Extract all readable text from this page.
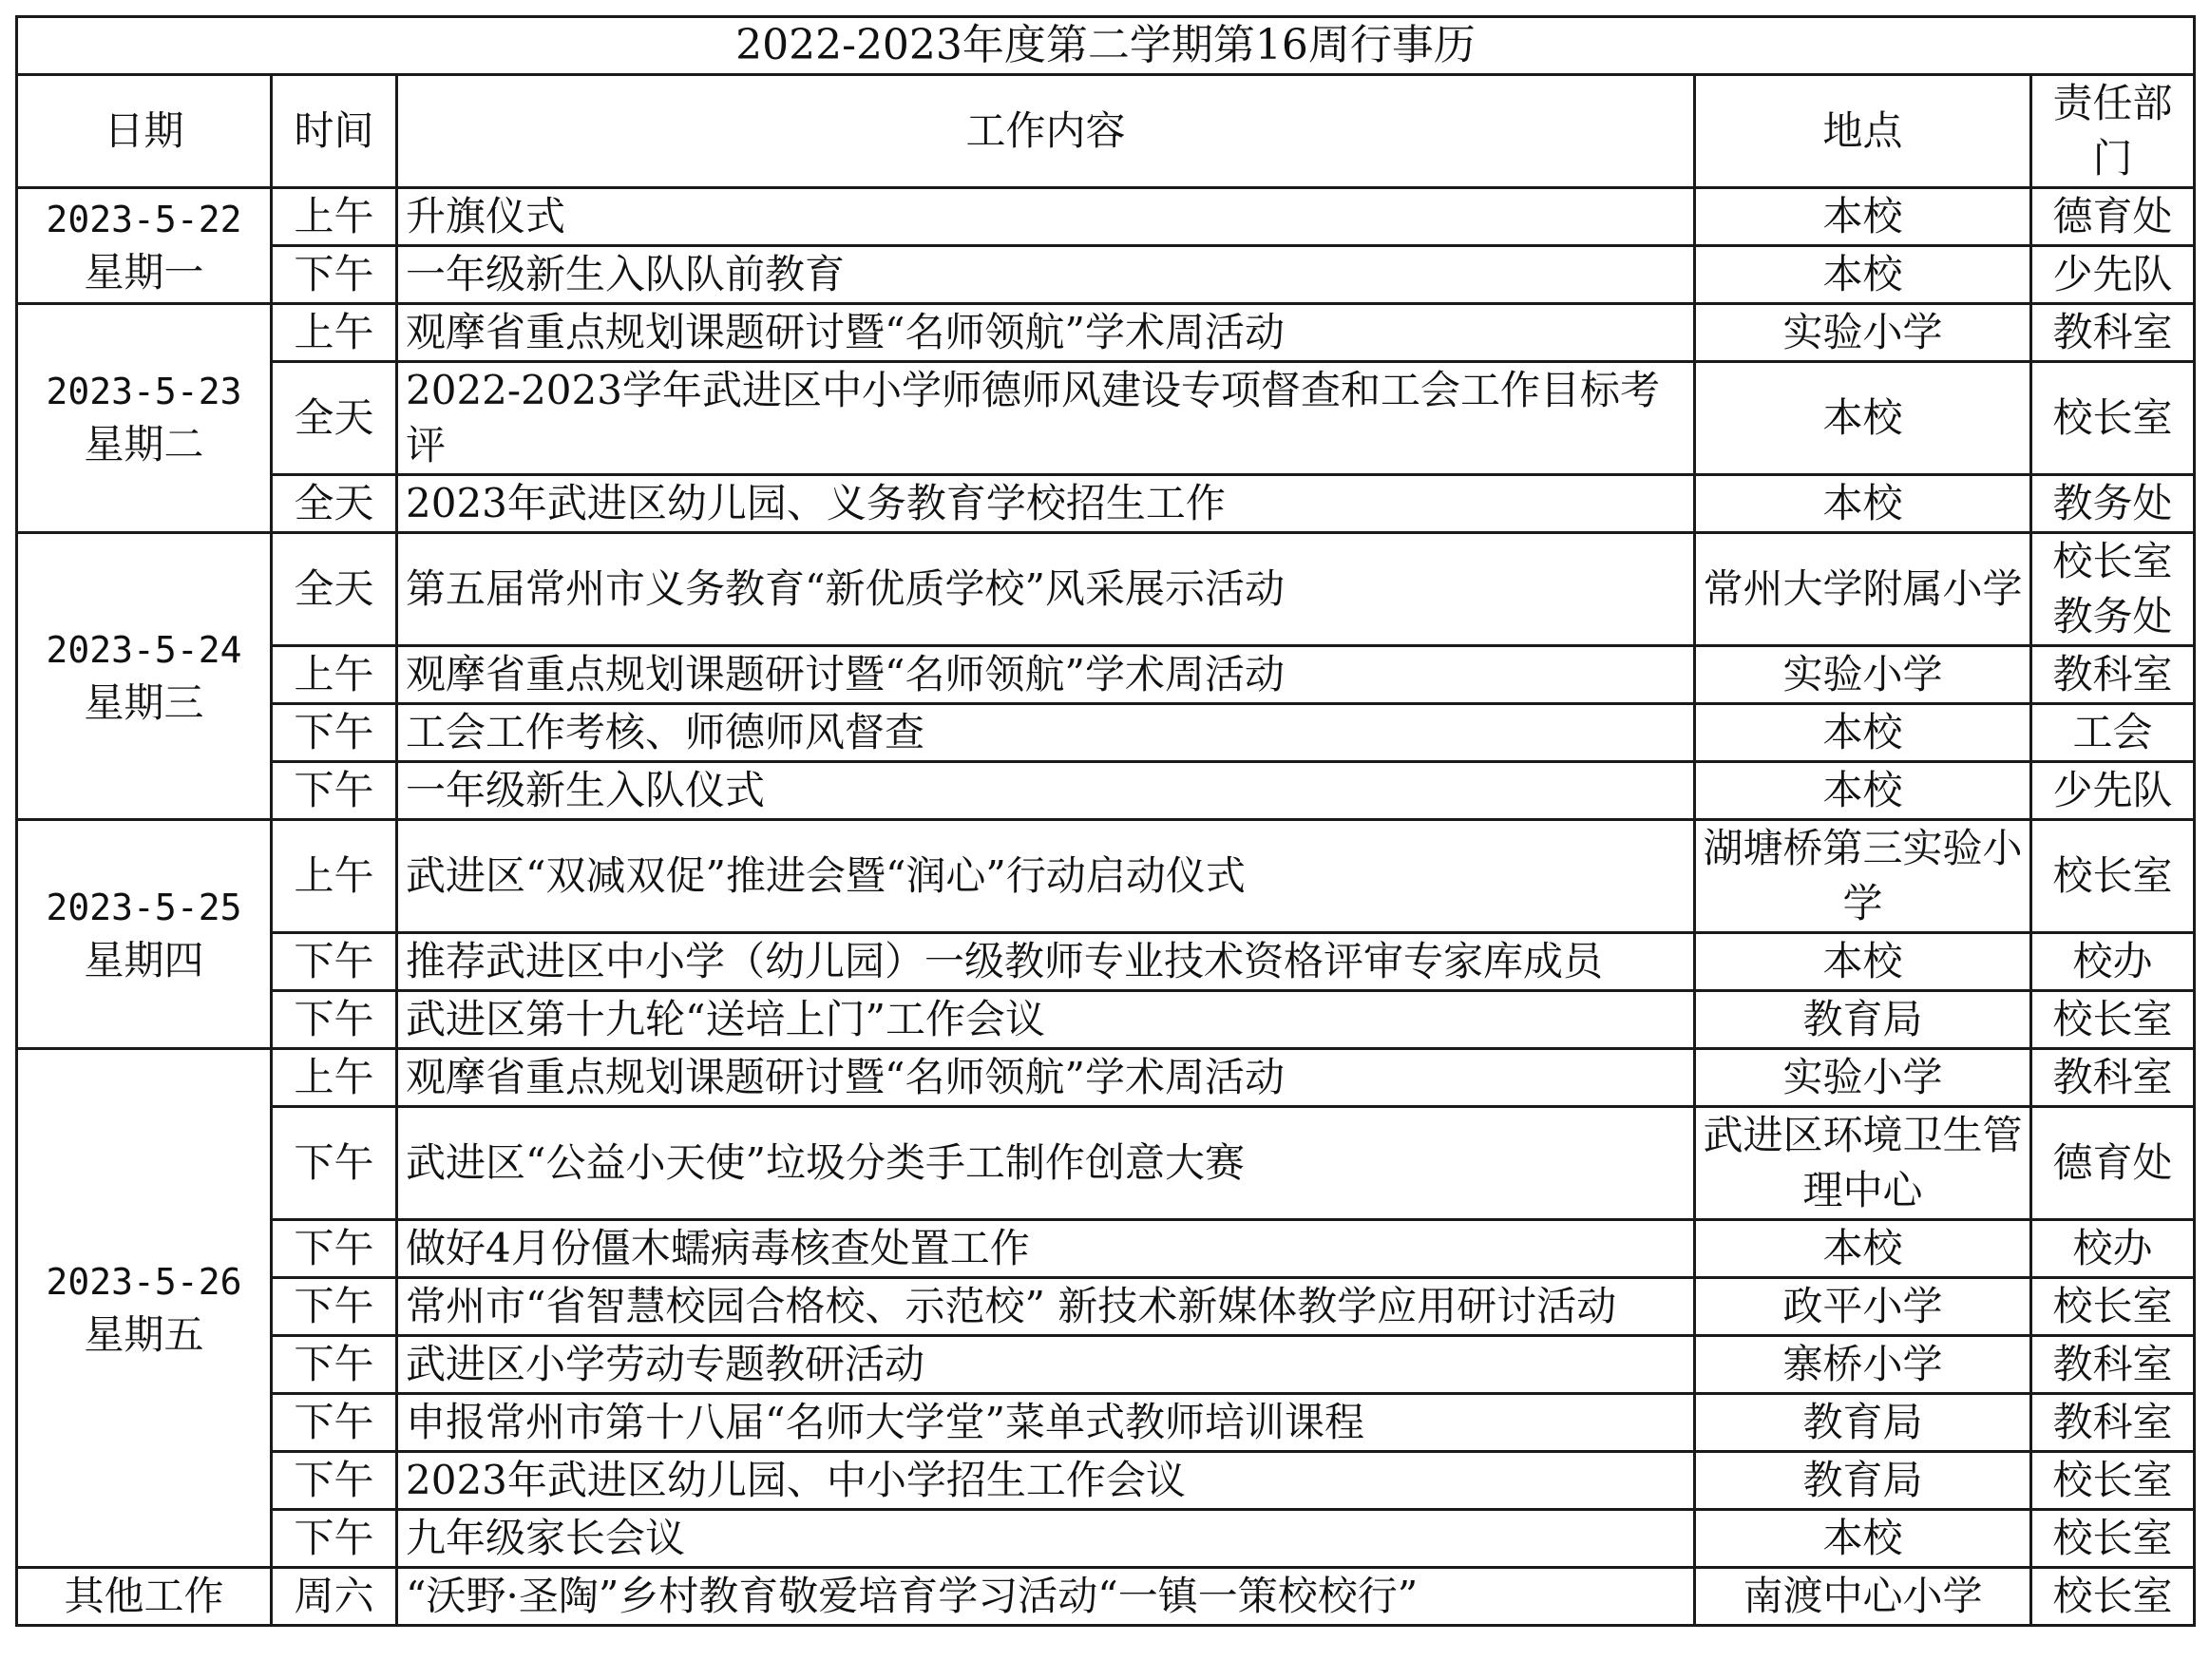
2022-2023年度第二学期第16周行事历				
日期	时间	工作内容	地点	责任部门

2023-5-22
星期一	上午	升旗仪式	本校	德育处
	下午	一年级新生入队队前教育	本校	少先队

2023-5-23
星期二	上午	观摩省重点规划课题研讨暨“名师领航”学术周活动	实验小学	教科室
	全天	2022-2023学年武进区中小学师德师风建设专项督查和工会工作目标考评	本校	校长室
	全天	2023年武进区幼儿园、义务教育学校招生工作	本校	教务处

2023-5-24
星期三	全天	第五届常州市义务教育“新优质学校”风采展示活动	常州大学附属小学	校长室教务处
	上午	观摩省重点规划课题研讨暨“名师领航”学术周活动	实验小学	教科室
	下午	工会工作考核、师德师风督查	本校	工会
	下午	一年级新生入队仪式	本校	少先队

2023-5-25
星期四	上午	武进区“双减双促”推进会暨“润心”行动启动仪式	湖塘桥第三实验小学	校长室
	下午	推荐武进区中小学（幼儿园）一级教师专业技术资格评审专家库成员	本校	校办
	下午	武进区第十九轮“送培上门”工作会议	教育局	校长室

2023-5-26
星期五	上午	观摩省重点规划课题研讨暨“名师领航”学术周活动	实验小学	教科室
	下午	武进区“公益小天使”垃圾分类手工制作创意大赛	武进区环境卫生管理中心	德育处
	下午	做好4月份僵木蠕病毒核查处置工作	本校	校办
	下午	常州市“省智慧校园合格校、示范校” 新技术新媒体教学应用研讨活动	政平小学	校长室
	下午	武进区小学劳动专题教研活动	寨桥小学	教科室
	下午	申报常州市第十八届“名师大学堂”菜单式教师培训课程	教育局	教科室
	下午	2023年武进区幼儿园、中小学招生工作会议	教育局	校长室
	下午	九年级家长会议	本校	校长室
其他工作	周六	“沃野·圣陶”乡村教育敬爱培育学习活动“一镇一策校校行”	南渡中心小学	校长室
